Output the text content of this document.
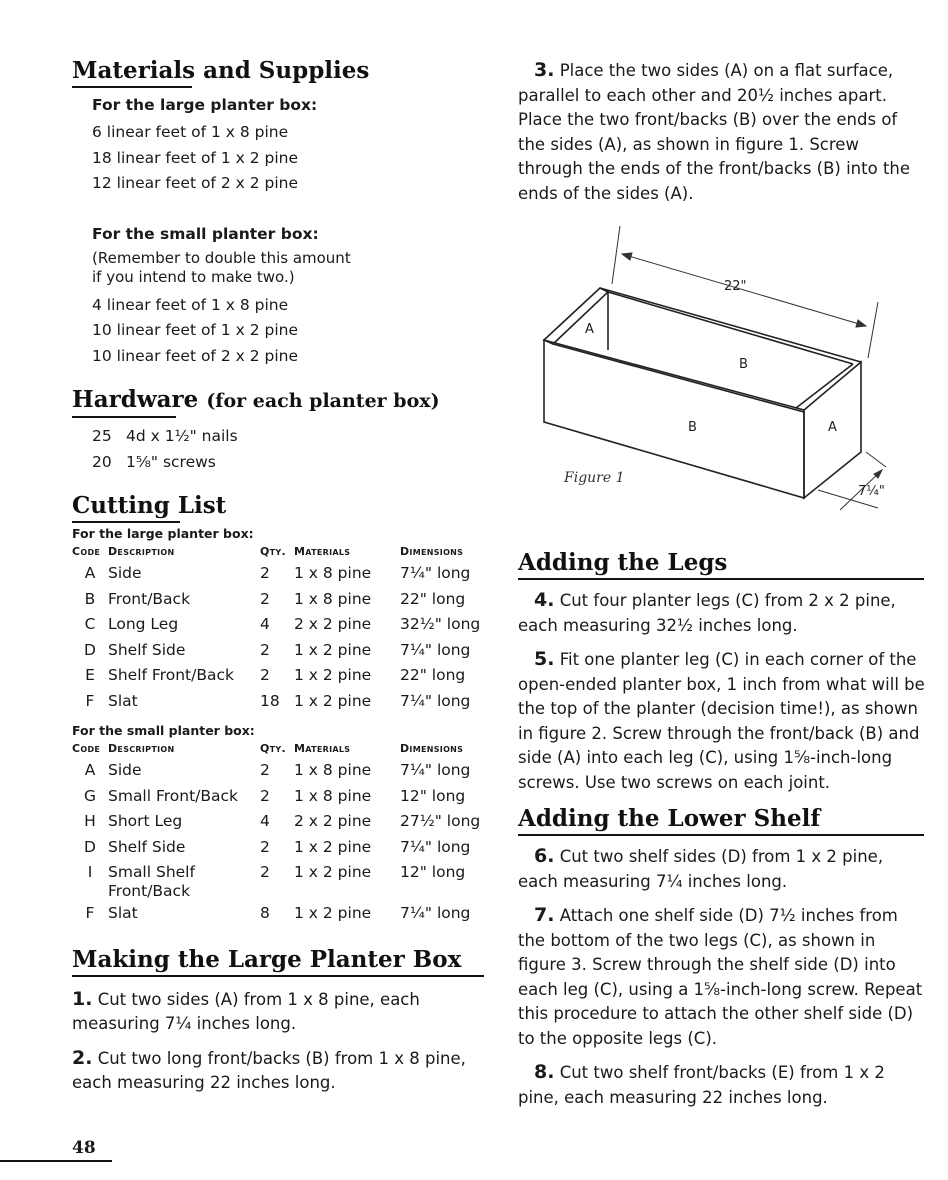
Materials and Supplies
For the large planter box:
6 linear feet of 1 x 8 pine
18 linear feet of 1 x 2 pine
12 linear feet of 2 x 2 pine
For the small planter box:
(Remember to double this amount if you intend to make two.)
4 linear feet of 1 x 8 pine
10 linear feet of 1 x 2 pine
10 linear feet of 2 x 2 pine
Hardware (for each planter box)
25 4d x 1½" nails
20 1⅝" screws
Cutting List
For the large planter box:				
Code	Description	Qty.	Materials	Dimensions
A	Side	2	1 x 8 pine	7¼" long
B	Front/Back	2	1 x 8 pine	22" long
C	Long Leg	4	2 x 2 pine	32½" long
D	Shelf Side	2	1 x 2 pine	7¼" long
E	Shelf Front/Back	2	1 x 2 pine	22" long
F	Slat	18	1 x 2 pine	7¼" long
For the small planter box:				
Code	Description	Qty.	Materials	Dimensions
A	Side	2	1 x 8 pine	7¼" long
G	Small Front/Back	2	1 x 8 pine	12" long
H	Short Leg	4	2 x 2 pine	27½" long
D	Shelf Side	2	1 x 2 pine	7¼" long
I	Small Shelf
Front/Back	2	1 x 2 pine	12" long
F	Slat	8	1 x 2 pine	7¼" long
Making the Large Planter Box

1. Cut two sides (A) from 1 x 8 pine, each measuring 7¼ inches long.

2. Cut two long front/backs (B) from 1 x 8 pine, each measuring 22 inches long.

3. Place the two sides (A) on a flat surface, parallel to each other and 20½ inches apart. Place the two front/backs (B) over the ends of the sides (A), as shown in figure 1. Screw through the ends of the front/backs (B) into the ends of the sides (A).

22"
7¼"
A
B
B	A
Figure 1
Adding the Legs

4. Cut four planter legs (C) from 2 x 2 pine, each measuring 32½ inches long.

5. Fit one planter leg (C) in each corner of the open-ended planter box, 1 inch from what will be the top of the planter (decision time!), as shown in figure 2. Screw through the front/back (B) and side (A) into each leg (C), using 1⅝-inch-long screws. Use two screws on each joint.

Adding the Lower Shelf

6. Cut two shelf sides (D) from 1 x 2 pine, each measuring 7¼ inches long.

7. Attach one shelf side (D) 7½ inches from the bottom of the two legs (C), as shown in figure 3. Screw through the shelf side (D) into each leg (C), using a 1⅝-inch-long screw. Repeat this procedure to attach the other shelf side (D) to the opposite legs (C).

8. Cut two shelf front/backs (E) from 1 x 2 pine, each measuring 22 inches long.

48
